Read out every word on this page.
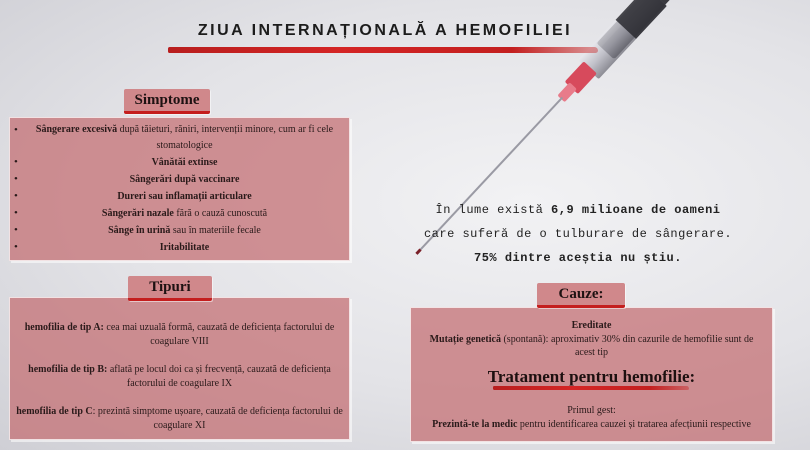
ZIUA INTERNAȚIONALĂ A HEMOFILIEI
• Sângerare excesivă după tăieturi, răniri, intervenții minore, cum ar fi cele stomatologice
• Vânătăi extinse
• Sângerări după vaccinare
• Dureri sau inflamații articulare
• Sângerări nazale fără o cauză cunoscută
• Sânge în urină sau în materiile fecale
• Iritabilitate
Simptome

hemofilia de tip A: cea mai uzuală formă, cauzată de deficiența factorului de coagulare VIII

hemofilia de tip B: aflată pe locul doi ca și frecvență, cauzată de deficiența factorului de coagulare IX

hemofilia de tip C: prezintă simptome ușoare, cauzată de deficiența factorului de coagulare XI

Tipuri
În lume există 6,9 milioane de oameni
care suferă de o tulburare de sângerare.
75% dintre aceștia nu știu.

Ereditate

Mutație genetică (spontană): aproximativ 30% din cazurile de hemofilie sunt de acest tip

Tratament pentru hemofilie:

Primul gest:

Prezintă-te la medic pentru identificarea cauzei și tratarea afecțiunii respective

Cauze:
